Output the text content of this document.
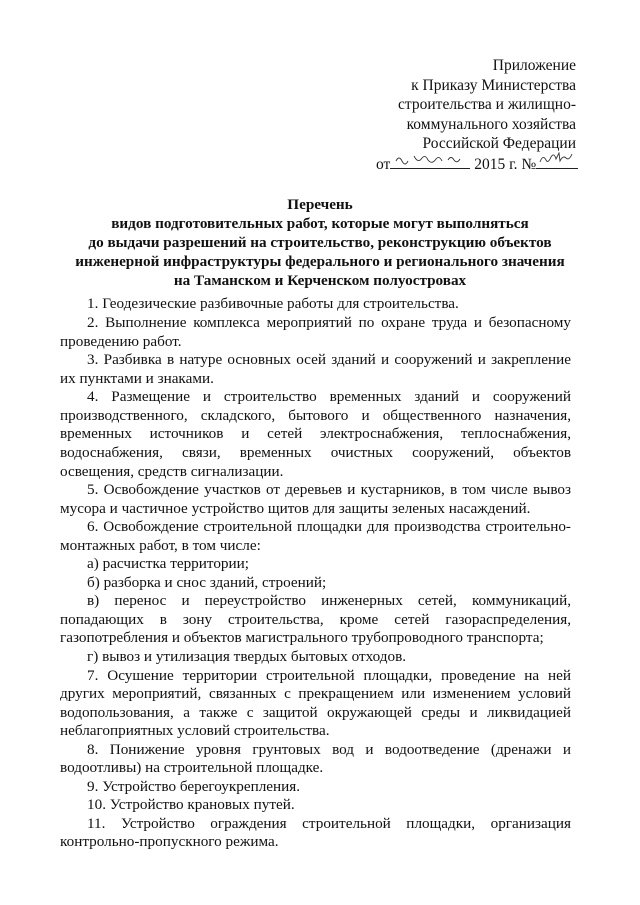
Приложение
к Приказу Министерства
строительства и жилищно-
коммунального хозяйства
Российской Федерации
от	2015 г. №
Перечень
видов подготовительных работ, которые могут выполняться
до выдачи разрешений на строительство, реконструкцию объектов
инженерной инфраструктуры федерального и регионального значения
на Таманском и Керченском полуостровах

1. Геодезические разбивочные работы для строительства.

2. Выполнение комплекса мероприятий по охране труда и безопасному проведению работ.

3. Разбивка в натуре основных осей зданий и сооружений и закрепление их пунктами и знаками.

4. Размещение и строительство временных зданий и сооружений производственного, складского, бытового и общественного назначения, временных источников и сетей электроснабжения, теплоснабжения, водоснабжения, связи, временных очистных сооружений, объектов освещения, средств сигнализации.

5. Освобождение участков от деревьев и кустарников, в том числе вывоз мусора и частичное устройство щитов для защиты зеленых насаждений.

6. Освобождение строительной площадки для производства строительно-монтажных работ, в том числе:

а) расчистка территории;

б) разборка и снос зданий, строений;

в) перенос и переустройство инженерных сетей, коммуникаций, попадающих в зону строительства, кроме сетей газораспределения, газопотребления и объектов магистрального трубопроводного транспорта;

г) вывоз и утилизация твердых бытовых отходов.

7. Осушение территории строительной площадки, проведение на ней других мероприятий, связанных с прекращением или изменением условий водопользования, а также с защитой окружающей среды и ликвидацией неблагоприятных условий строительства.

8. Понижение уровня грунтовых вод и водоотведение (дренажи и водоотливы) на строительной площадке.

9. Устройство берегоукрепления.

10. Устройство крановых путей.

11. Устройство ограждения строительной площадки, организация контрольно-пропускного режима.
